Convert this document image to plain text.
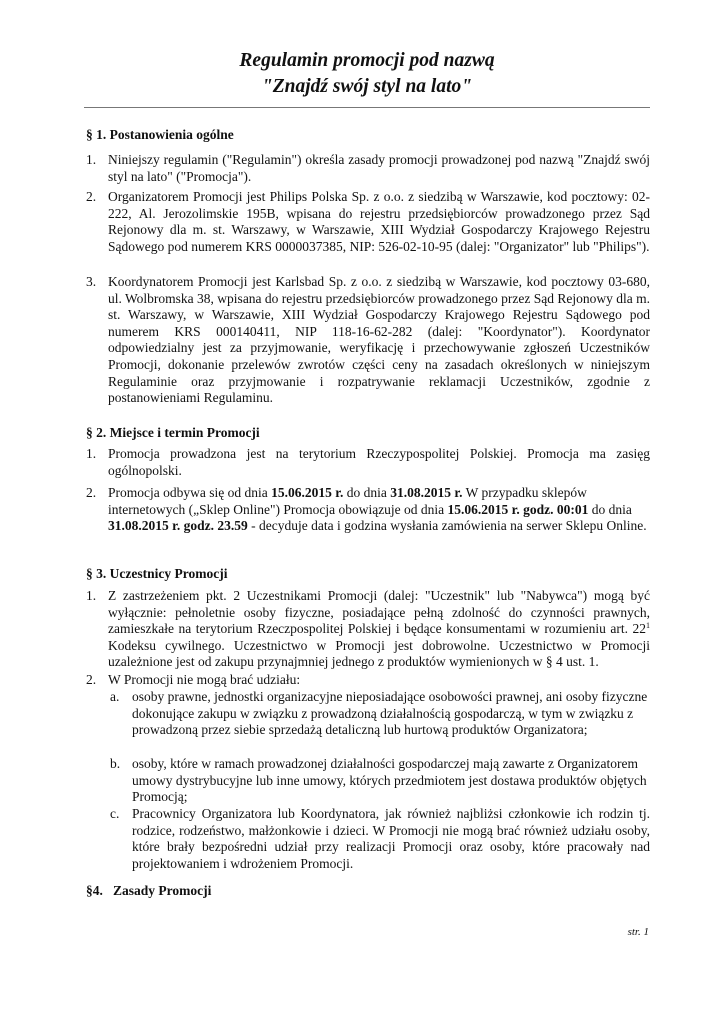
Regulamin promocji pod nazwą
"Znajdź swój styl na lato"
§ 1. Postanowienia ogólne
1. Niniejszy regulamin ("Regulamin") określa zasady promocji prowadzonej pod nazwą "Znajdź swój styl na lato" ("Promocja").
2. Organizatorem Promocji jest Philips Polska Sp. z o.o. z siedzibą w Warszawie, kod pocztowy: 02-222, Al. Jerozolimskie 195B, wpisana do rejestru przedsiębiorców prowadzonego przez Sąd Rejonowy dla m. st. Warszawy, w Warszawie, XIII Wydział Gospodarczy Krajowego Rejestru Sądowego pod numerem KRS 0000037385, NIP: 526-02-10-95 (dalej: "Organizator" lub "Philips").
3. Koordynatorem Promocji jest Karlsbad Sp. z o.o. z siedzibą w Warszawie, kod pocztowy 03-680, ul. Wolbromska 38, wpisana do rejestru przedsiębiorców prowadzonego przez Sąd Rejonowy dla m. st. Warszawy, w Warszawie, XIII Wydział Gospodarczy Krajowego Rejestru Sądowego pod numerem KRS 000140411, NIP 118-16-62-282 (dalej: "Koordynator"). Koordynator odpowiedzialny jest za przyjmowanie, weryfikację i przechowywanie zgłoszeń Uczestników Promocji, dokonanie przelewów zwrotów części ceny na zasadach określonych w niniejszym Regulaminie oraz przyjmowanie i rozpatrywanie reklamacji Uczestników, zgodnie z postanowieniami Regulaminu.
§ 2. Miejsce i termin Promocji
1. Promocja prowadzona jest na terytorium Rzeczypospolitej Polskiej. Promocja ma zasięg ogólnopolski.
2. Promocja odbywa się od dnia 15.06.2015 r. do dnia 31.08.2015 r. W przypadku sklepów internetowych („Sklep Online") Promocja obowiązuje od dnia 15.06.2015 r. godz. 00:01 do dnia 31.08.2015 r. godz. 23.59 - decyduje data i godzina wysłania zamówienia na serwer Sklepu Online.
§ 3. Uczestnicy Promocji
1. Z zastrzeżeniem pkt. 2 Uczestnikami Promocji (dalej: "Uczestnik" lub "Nabywca") mogą być wyłącznie: pełnoletnie osoby fizyczne, posiadające pełną zdolność do czynności prawnych, zamieszkałe na terytorium Rzeczpospolitej Polskiej i będące konsumentami w rozumieniu art. $22^1$ Kodeksu cywilnego. Uczestnictwo w Promocji jest dobrowolne. Uczestnictwo w Promocji uzależnione jest od zakupu przynajmniej jednego z produktów wymienionych w § 4 ust. 1.
2. W Promocji nie mogą brać udziału:
a. osoby prawne, jednostki organizacyjne nieposiadające osobowości prawnej, ani osoby fizyczne dokonujące zakupu w związku z prowadzoną działalnością gospodarczą, w tym w związku z prowadzoną przez siebie sprzedażą detaliczną lub hurtową produktów Organizatora;
b. osoby, które w ramach prowadzonej działalności gospodarczej mają zawarte z Organizatorem umowy dystrybucyjne lub inne umowy, których przedmiotem jest dostawa produktów objętych Promocją;
c. Pracownicy Organizatora lub Koordynatora, jak również najbliżsi członkowie ich rodzin tj. rodzice, rodzeństwo, małżonkowie i dzieci. W Promocji nie mogą brać również udziału osoby, które brały bezpośredni udział przy realizacji Promocji oraz osoby, które pracowały nad projektowaniem i wdrożeniem Promocji.
§4.   Zasady Promocji
str. 1
